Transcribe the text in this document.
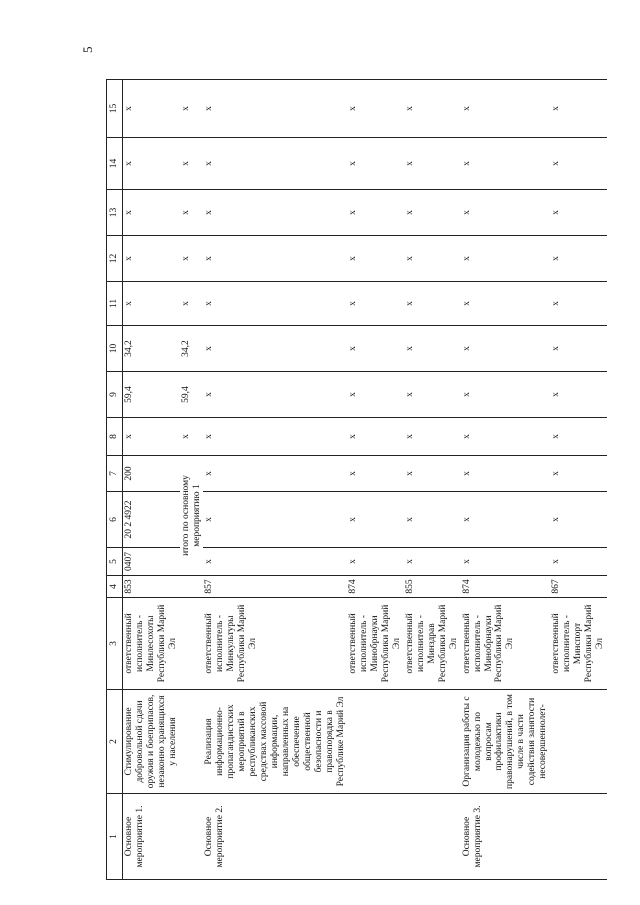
5
1	2	3	4	5	6	7	8	9	10	11	12	13	14	15
Основное мероприятие 1.	Стимулирование добровольной сдачи оружия и боеприпасов, незаконно хранящихся у населения	ответственный исполнитель - Минлесохоты Республики Марий Эл	853	0407	20 2 4922	200	x	59,4	34,2	x	x	x	x	x
				итого по основному мероприятию 1			x	59,4	34,2	x	x	x	x	x
Основное мероприятие 2.	Реализация информационно-пропагандистских мероприятий в республиканских средствах массовой информации, направленных на обеспечение общественной безопасности и правопорядка в Республике Марий Эл	ответственный исполнитель - Минкультуры Республики Марий Эл	857	x	x	x	x	x	x	x	x	x	x	x
		ответственный исполнитель - Минобрнауки Республики Марий Эл	874	x	x	x	x	x	x	x	x	x	x	x
		ответственный исполнитель - Минздрав Республики Марий Эл	855	x	x	x	x	x	x	x	x	x	x	x
Основное мероприятие 3.	Организация работы с молодежью по вопросам профилактики правонарушений, в том числе в части содействия занятости несовершеннолет-	ответственный исполнитель - Минобрнауки Республики Марий Эл	874	x	x	x	x	x	x	x	x	x	x	x
		ответственный исполнитель - Минспорт Республики Марий Эл	867	x	x	x	x	x	x	x	x	x	x	x
